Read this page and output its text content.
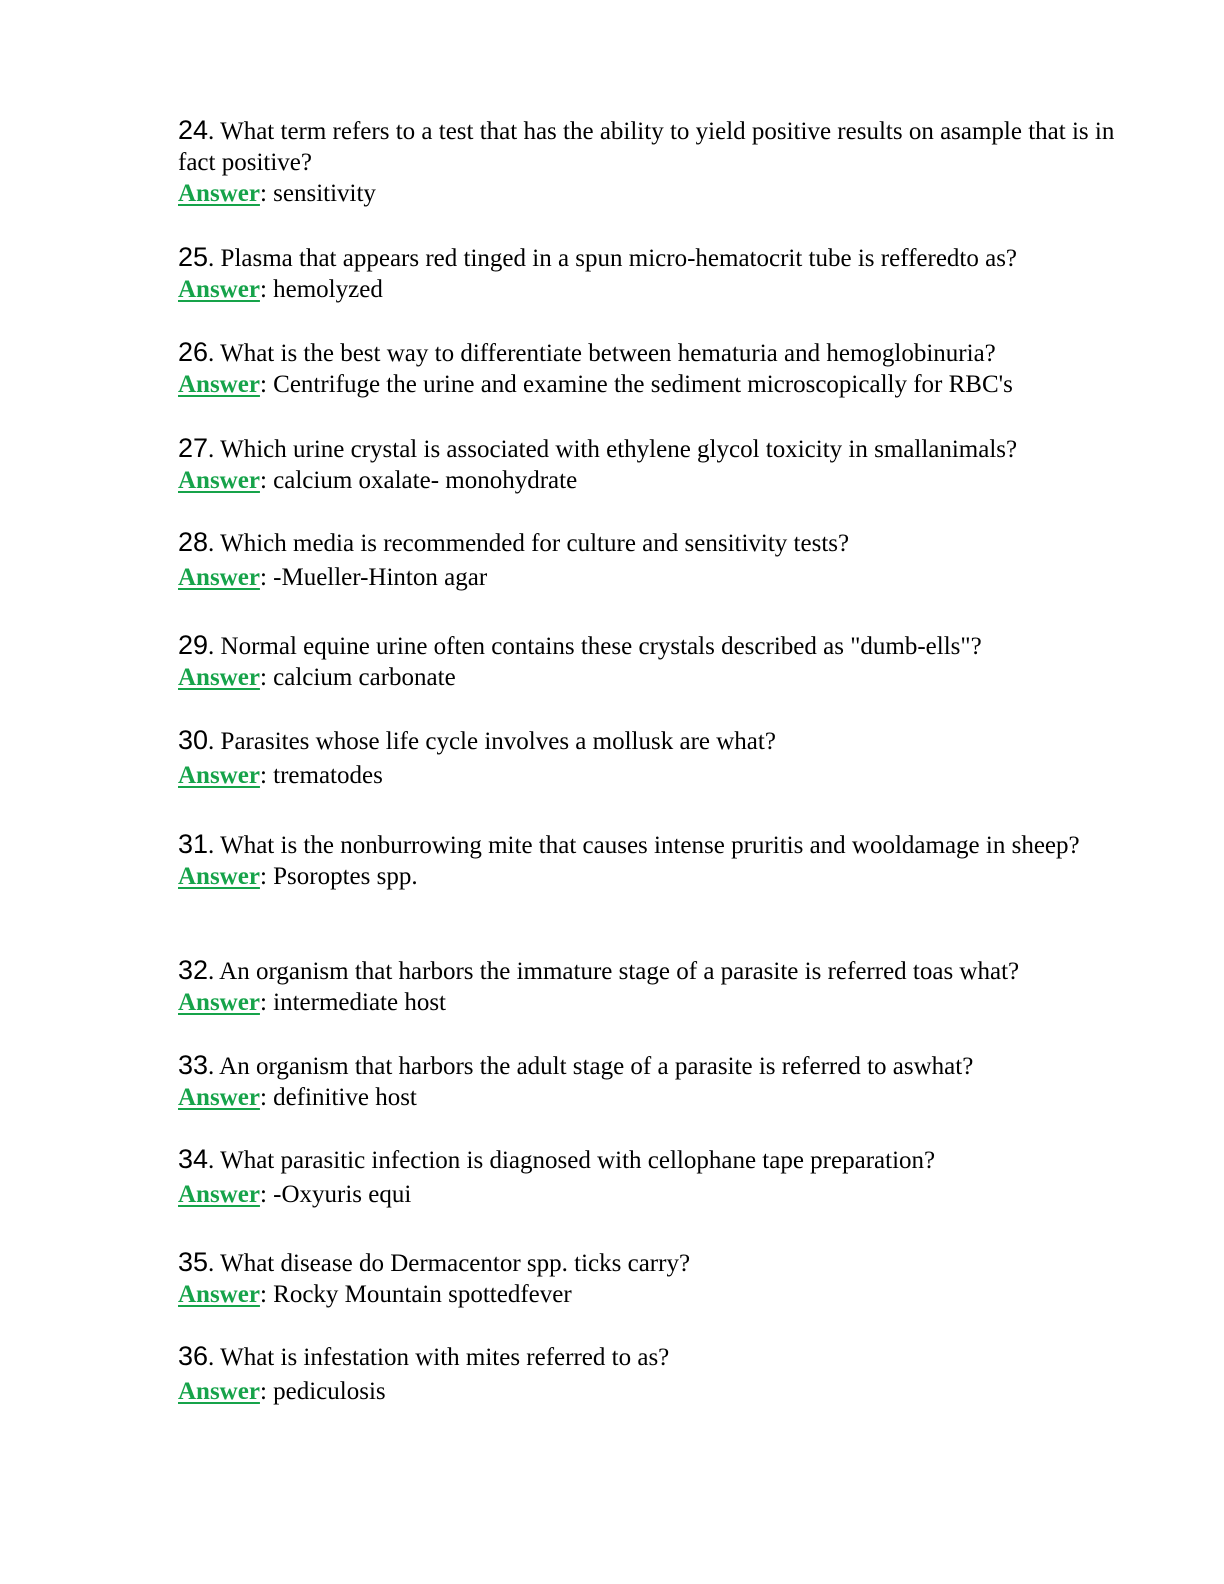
24. What term refers to a test that has the ability to yield positive results on asample that is in fact positive?

Answer: sensitivity

25. Plasma that appears red tinged in a spun micro-hematocrit tube is refferedto as?

Answer: hemolyzed

26. What is the best way to differentiate between hematuria and hemoglobinuria?

Answer: Centrifuge the urine and examine the sediment microscopically for RBC's

27. Which urine crystal is associated with ethylene glycol toxicity in smallanimals?

Answer: calcium oxalate- monohydrate

28. Which media is recommended for culture and sensitivity tests?

Answer: -Mueller-Hinton agar

29. Normal equine urine often contains these crystals described as "dumb-ells"?

Answer: calcium carbonate

30. Parasites whose life cycle involves a mollusk are what?

Answer: trematodes

31. What is the nonburrowing mite that causes intense pruritis and wooldamage in sheep?

Answer: Psoroptes spp.

32. An organism that harbors the immature stage of a parasite is referred toas what?

Answer: intermediate host

33. An organism that harbors the adult stage of a parasite is referred to aswhat?

Answer: definitive host

34. What parasitic infection is diagnosed with cellophane tape preparation?

Answer: -Oxyuris equi

35. What disease do Dermacentor spp. ticks carry?

Answer: Rocky Mountain spottedfever

36. What is infestation with mites referred to as?

Answer: pediculosis
